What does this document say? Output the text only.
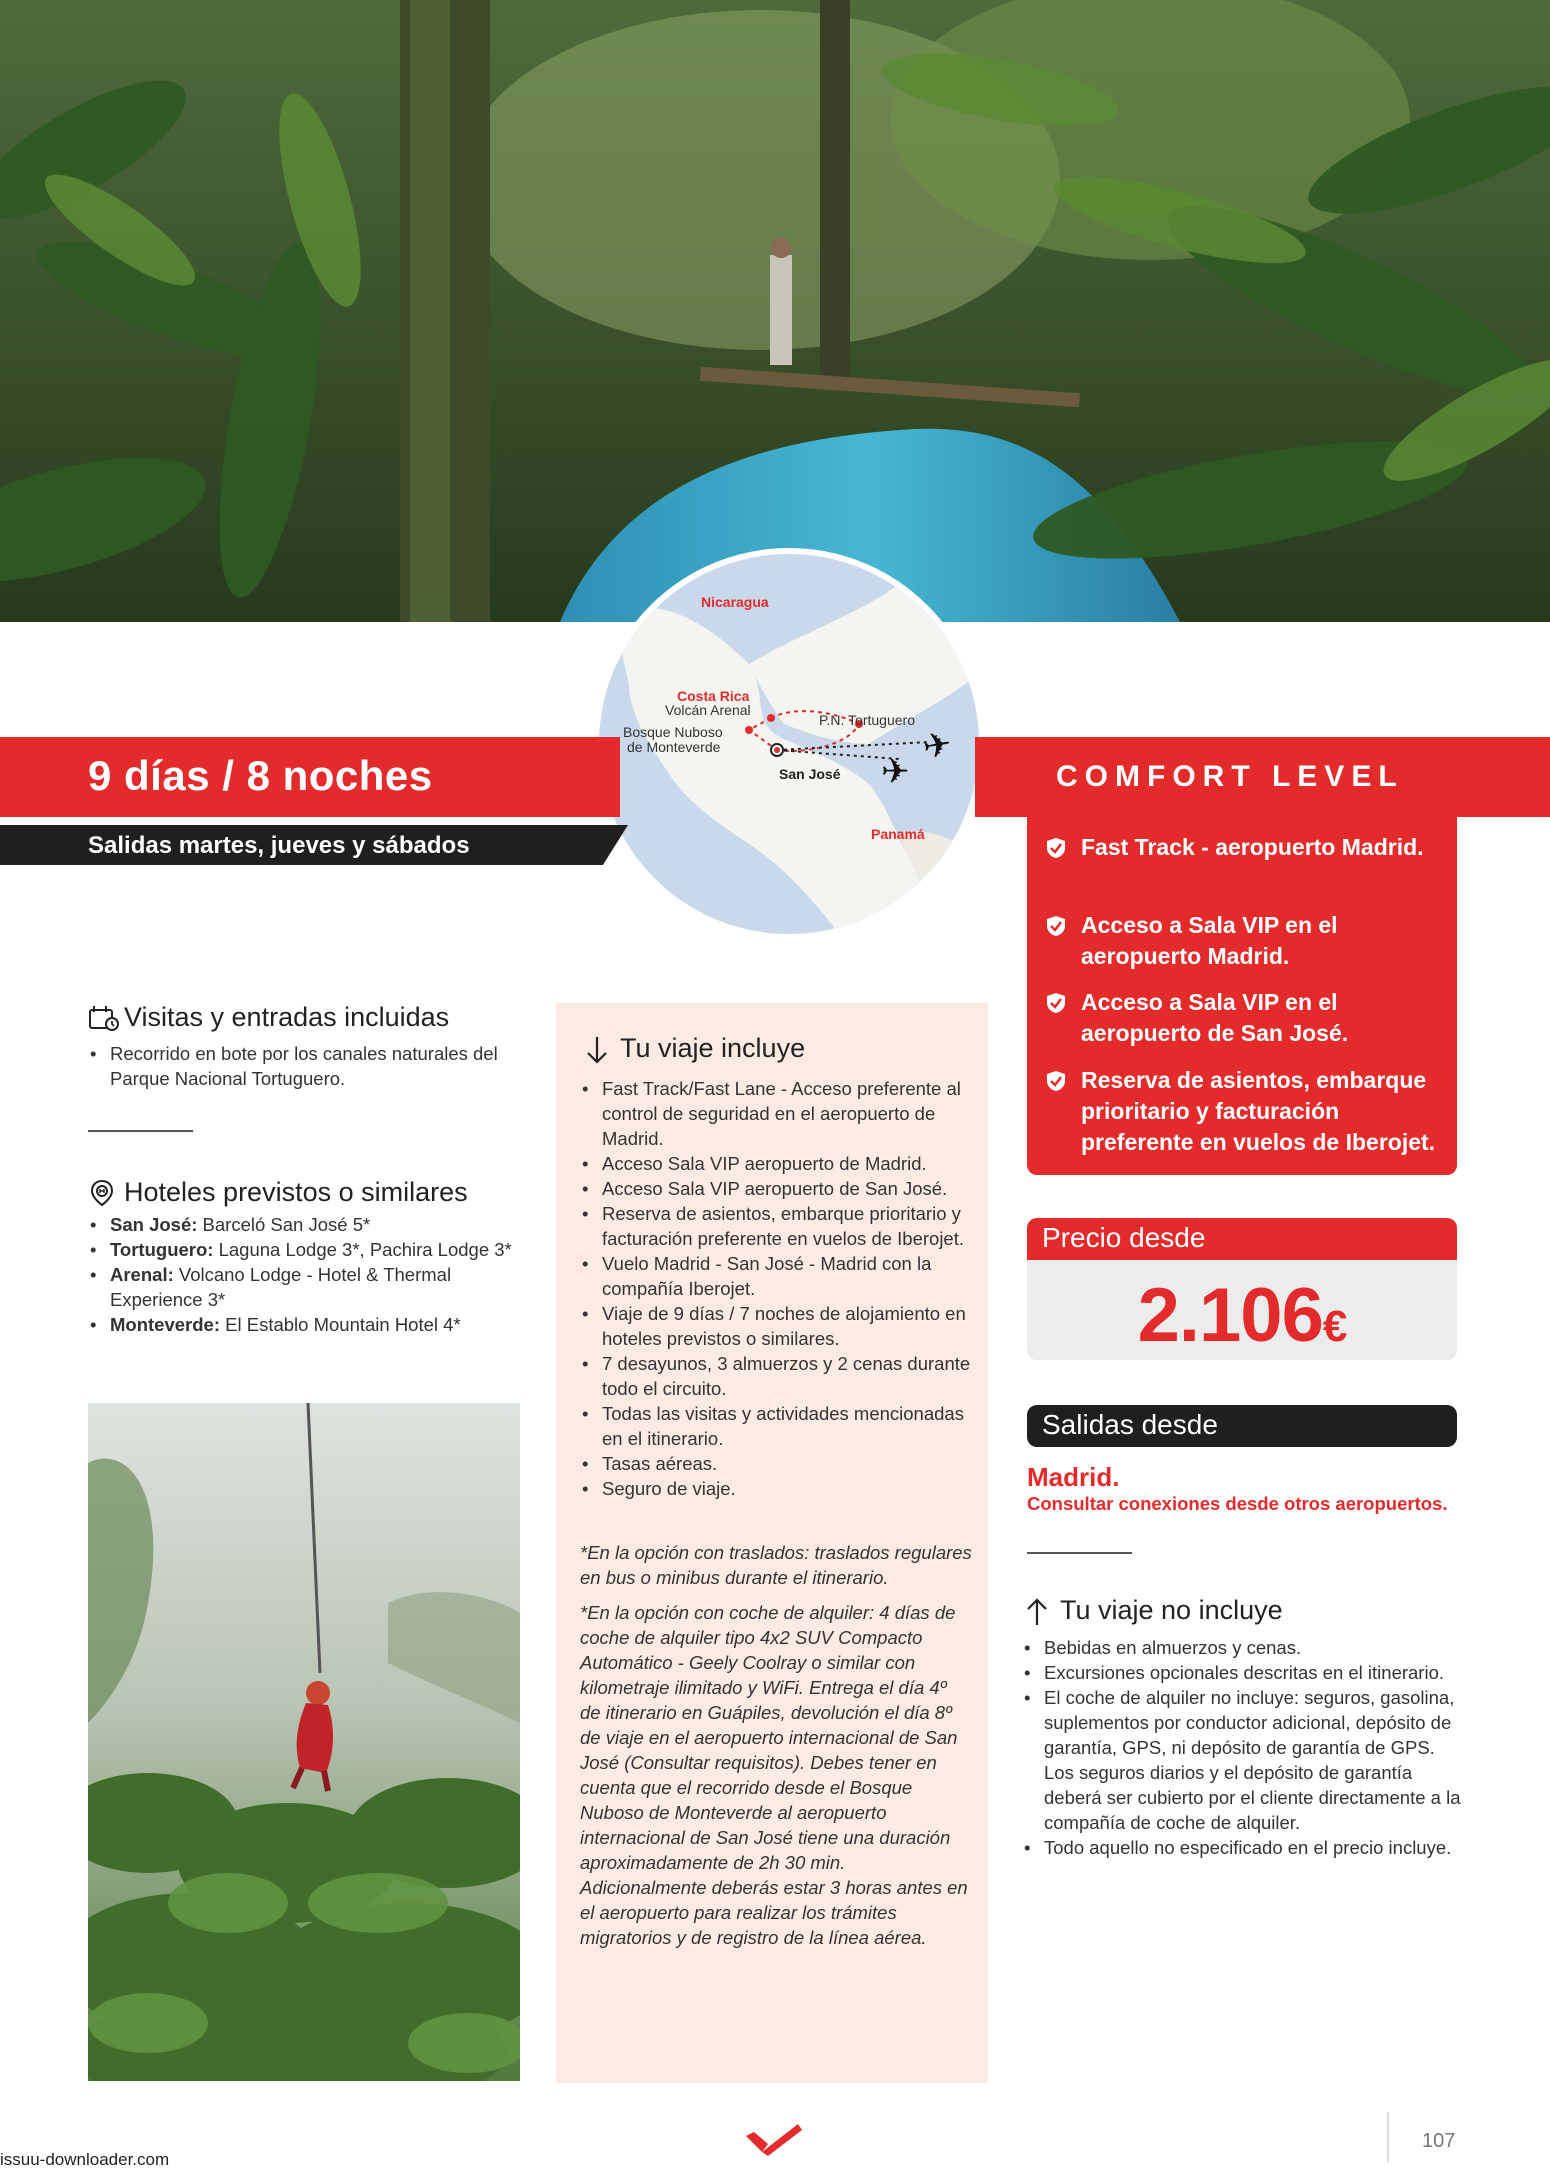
✈
✈
Nicaragua
Costa Rica
Volcán Arenal
Bosque Nuboso
de Monteverde
P.N. Tortuguero
San José
Panamá
9 días / 8 noches
Salidas martes, jueves y sábados
COMFORT LEVEL
Fast Track - aeropuerto Madrid.
Acceso a Sala VIP en el aeropuerto Madrid.
Acceso a Sala VIP en el aeropuerto de San José.
Reserva de asientos, embarque prioritario y facturación preferente en vuelos de Iberojet.
Visitas y entradas incluidas
• Recorrido en bote por los canales naturales del Parque Nacional Tortuguero.
Hoteles previstos o similares
• San José: Barceló San José 5*
• Tortuguero: Laguna Lodge 3*, Pachira Lodge 3*
• Arenal: Volcano Lodge - Hotel & Thermal Experience 3*
• Monteverde: El Establo Mountain Hotel 4*
Tu viaje incluye
• Fast Track/Fast Lane - Acceso preferente al control de seguridad en el aeropuerto de Madrid.
• Acceso Sala VIP aeropuerto de Madrid.
• Acceso Sala VIP aeropuerto de San José.
• Reserva de asientos, embarque prioritario y facturación preferente en vuelos de Iberojet.
• Vuelo Madrid - San José - Madrid con la compañía Iberojet.
• Viaje de 9 días / 7 noches de alojamiento en hoteles previstos o similares.
• 7 desayunos, 3 almuerzos y 2 cenas durante todo el circuito.
• Todas las visitas y actividades mencionadas en el itinerario.
• Tasas aéreas.
• Seguro de viaje.
*En la opción con traslados: traslados regulares en bus o minibus durante el itinerario.
*En la opción con coche de alquiler: 4 días de coche de alquiler tipo 4x2 SUV Compacto Automático - Geely Coolray o similar con kilometraje ilimitado y WiFi. Entrega el día 4º de itinerario en Guápiles, devolución el día 8º de viaje en el aeropuerto internacional de San José (Consultar requisitos). Debes tener en cuenta que el recorrido desde el Bosque Nuboso de Monteverde al aeropuerto internacional de San José tiene una duración aproximadamente de 2h 30 min. Adicionalmente deberás estar 3 horas antes en el aeropuerto para realizar los trámites migratorios y de registro de la línea aérea.
Precio desde
2.106€
Salidas desde
Madrid.
Consultar conexiones desde otros aeropuertos.
Tu viaje no incluye
• Bebidas en almuerzos y cenas.
• Excursiones opcionales descritas en el itinerario.
• El coche de alquiler no incluye: seguros, gasolina, suplementos por conductor adicional, depósito de garantía, GPS, ni depósito de garantía de GPS. Los seguros diarios y el depósito de garantía deberá ser cubierto por el cliente directamente a la compañía de coche de alquiler.
• Todo aquello no especificado en el precio incluye.
107
issuu-downloader.com
